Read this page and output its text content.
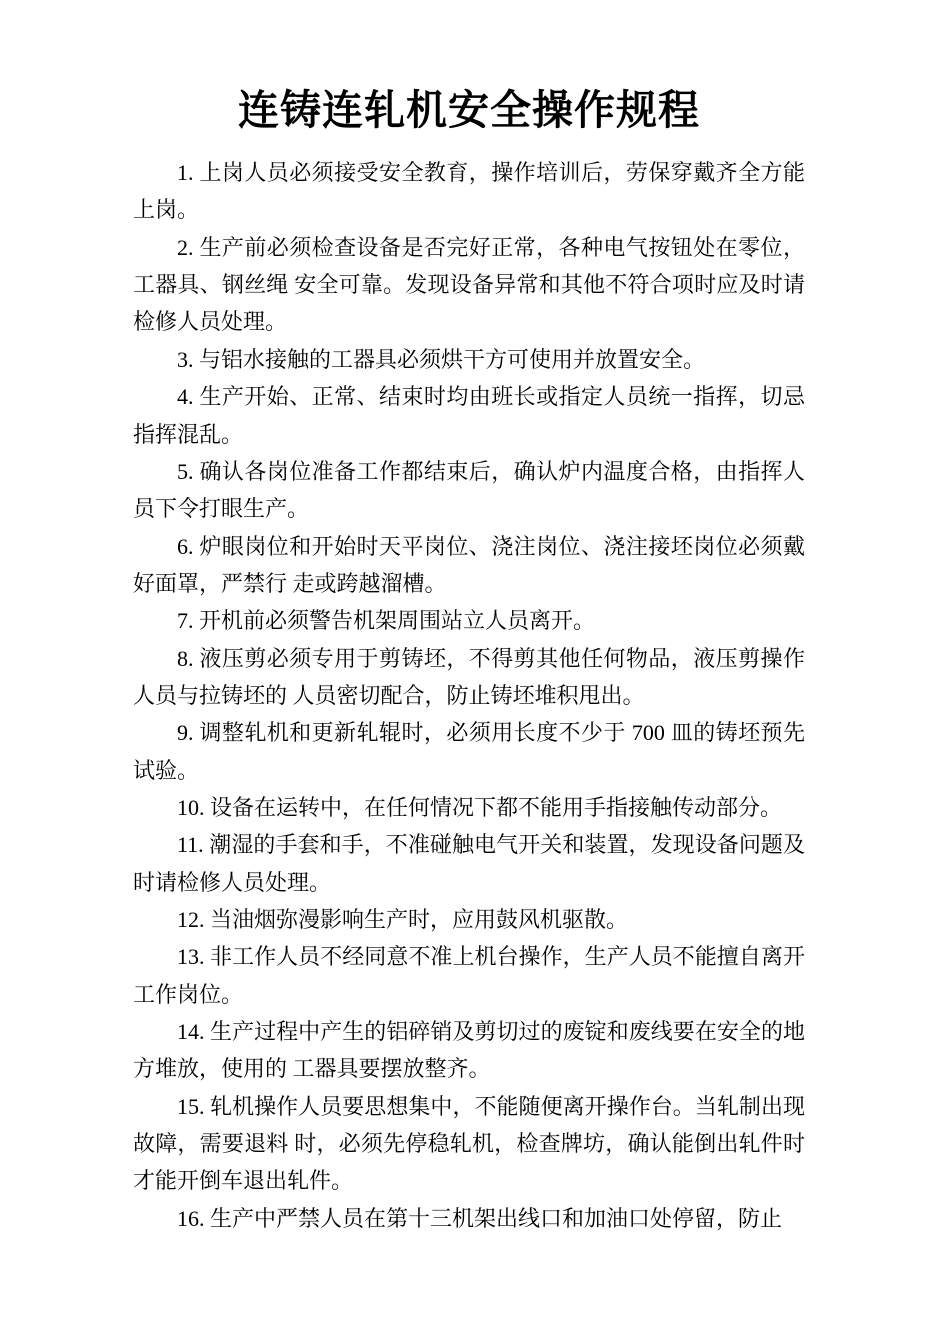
连铸连轧机安全操作规程

1. 上岗人员必须接受安全教育，操作培训后，劳保穿戴齐全方能上岗。

2. 生产前必须检查设备是否完好正常，各种电气按钮处在零位，工器具、钢丝绳 安全可靠。发现设备异常和其他不符合项时应及时请检修人员处理。

3. 与铝水接触的工器具必须烘干方可使用并放置安全。

4. 生产开始、正常、结束时均由班长或指定人员统一指挥，切忌指挥混乱。

5. 确认各岗位准备工作都结束后，确认炉内温度合格，由指挥人员下令打眼生产。

6. 炉眼岗位和开始时天平岗位、浇注岗位、浇注接坯岗位必须戴好面罩，严禁行 走或跨越溜槽。

7. 开机前必须警告机架周围站立人员离开。

8. 液压剪必须专用于剪铸坯，不得剪其他任何物品，液压剪操作人员与拉铸坯的 人员密切配合，防止铸坯堆积甩出。

9. 调整轧机和更新轧辊时，必须用长度不少于 700 皿的铸坯预先试验。

10. 设备在运转中，在任何情况下都不能用手指接触传动部分。

11. 潮湿的手套和手，不准碰触电气开关和装置，发现设备问题及时请检修人员处理。

12. 当油烟弥漫影响生产时，应用鼓风机驱散。

13. 非工作人员不经同意不准上机台操作，生产人员不能擅自离开工作岗位。

14. 生产过程中产生的铝碎销及剪切过的废锭和废线要在安全的地方堆放，使用的 工器具要摆放整齐。

15. 轧机操作人员要思想集中，不能随便离开操作台。当轧制出现故障，需要退料 时，必须先停稳轧机，检查牌坊，确认能倒出轧件时才能开倒车退出轧件。

16. 生产中严禁人员在第十三机架出线口和加油口处停留，防止
